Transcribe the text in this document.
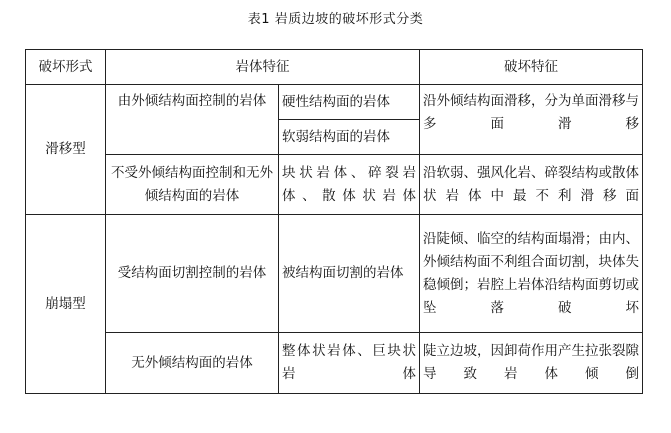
表1 岩质边坡的破坏形式分类
破坏形式	岩体特征		破坏特征
滑移型	由外倾结构面控制的岩体	硬性结构面的岩体	沿外倾结构面滑移，分为单面滑移与多面滑移
		软弱结构面的岩体	
	不受外倾结构面控制和无外倾结构面的岩体	块状岩体、碎裂岩体、散体状岩体	沿软弱、强风化岩、碎裂结构或散体状岩体中最不利滑移面
崩塌型	受结构面切割控制的岩体	被结构面切割的岩体	沿陡倾、临空的结构面塌滑；由内、外倾结构面不利组合面切割，块体失稳倾倒；岩腔上岩体沿结构面剪切或坠落破坏
	无外倾结构面的岩体	整体状岩体、巨块状岩体	陡立边坡，因卸荷作用产生拉张裂隙导致岩体倾倒
